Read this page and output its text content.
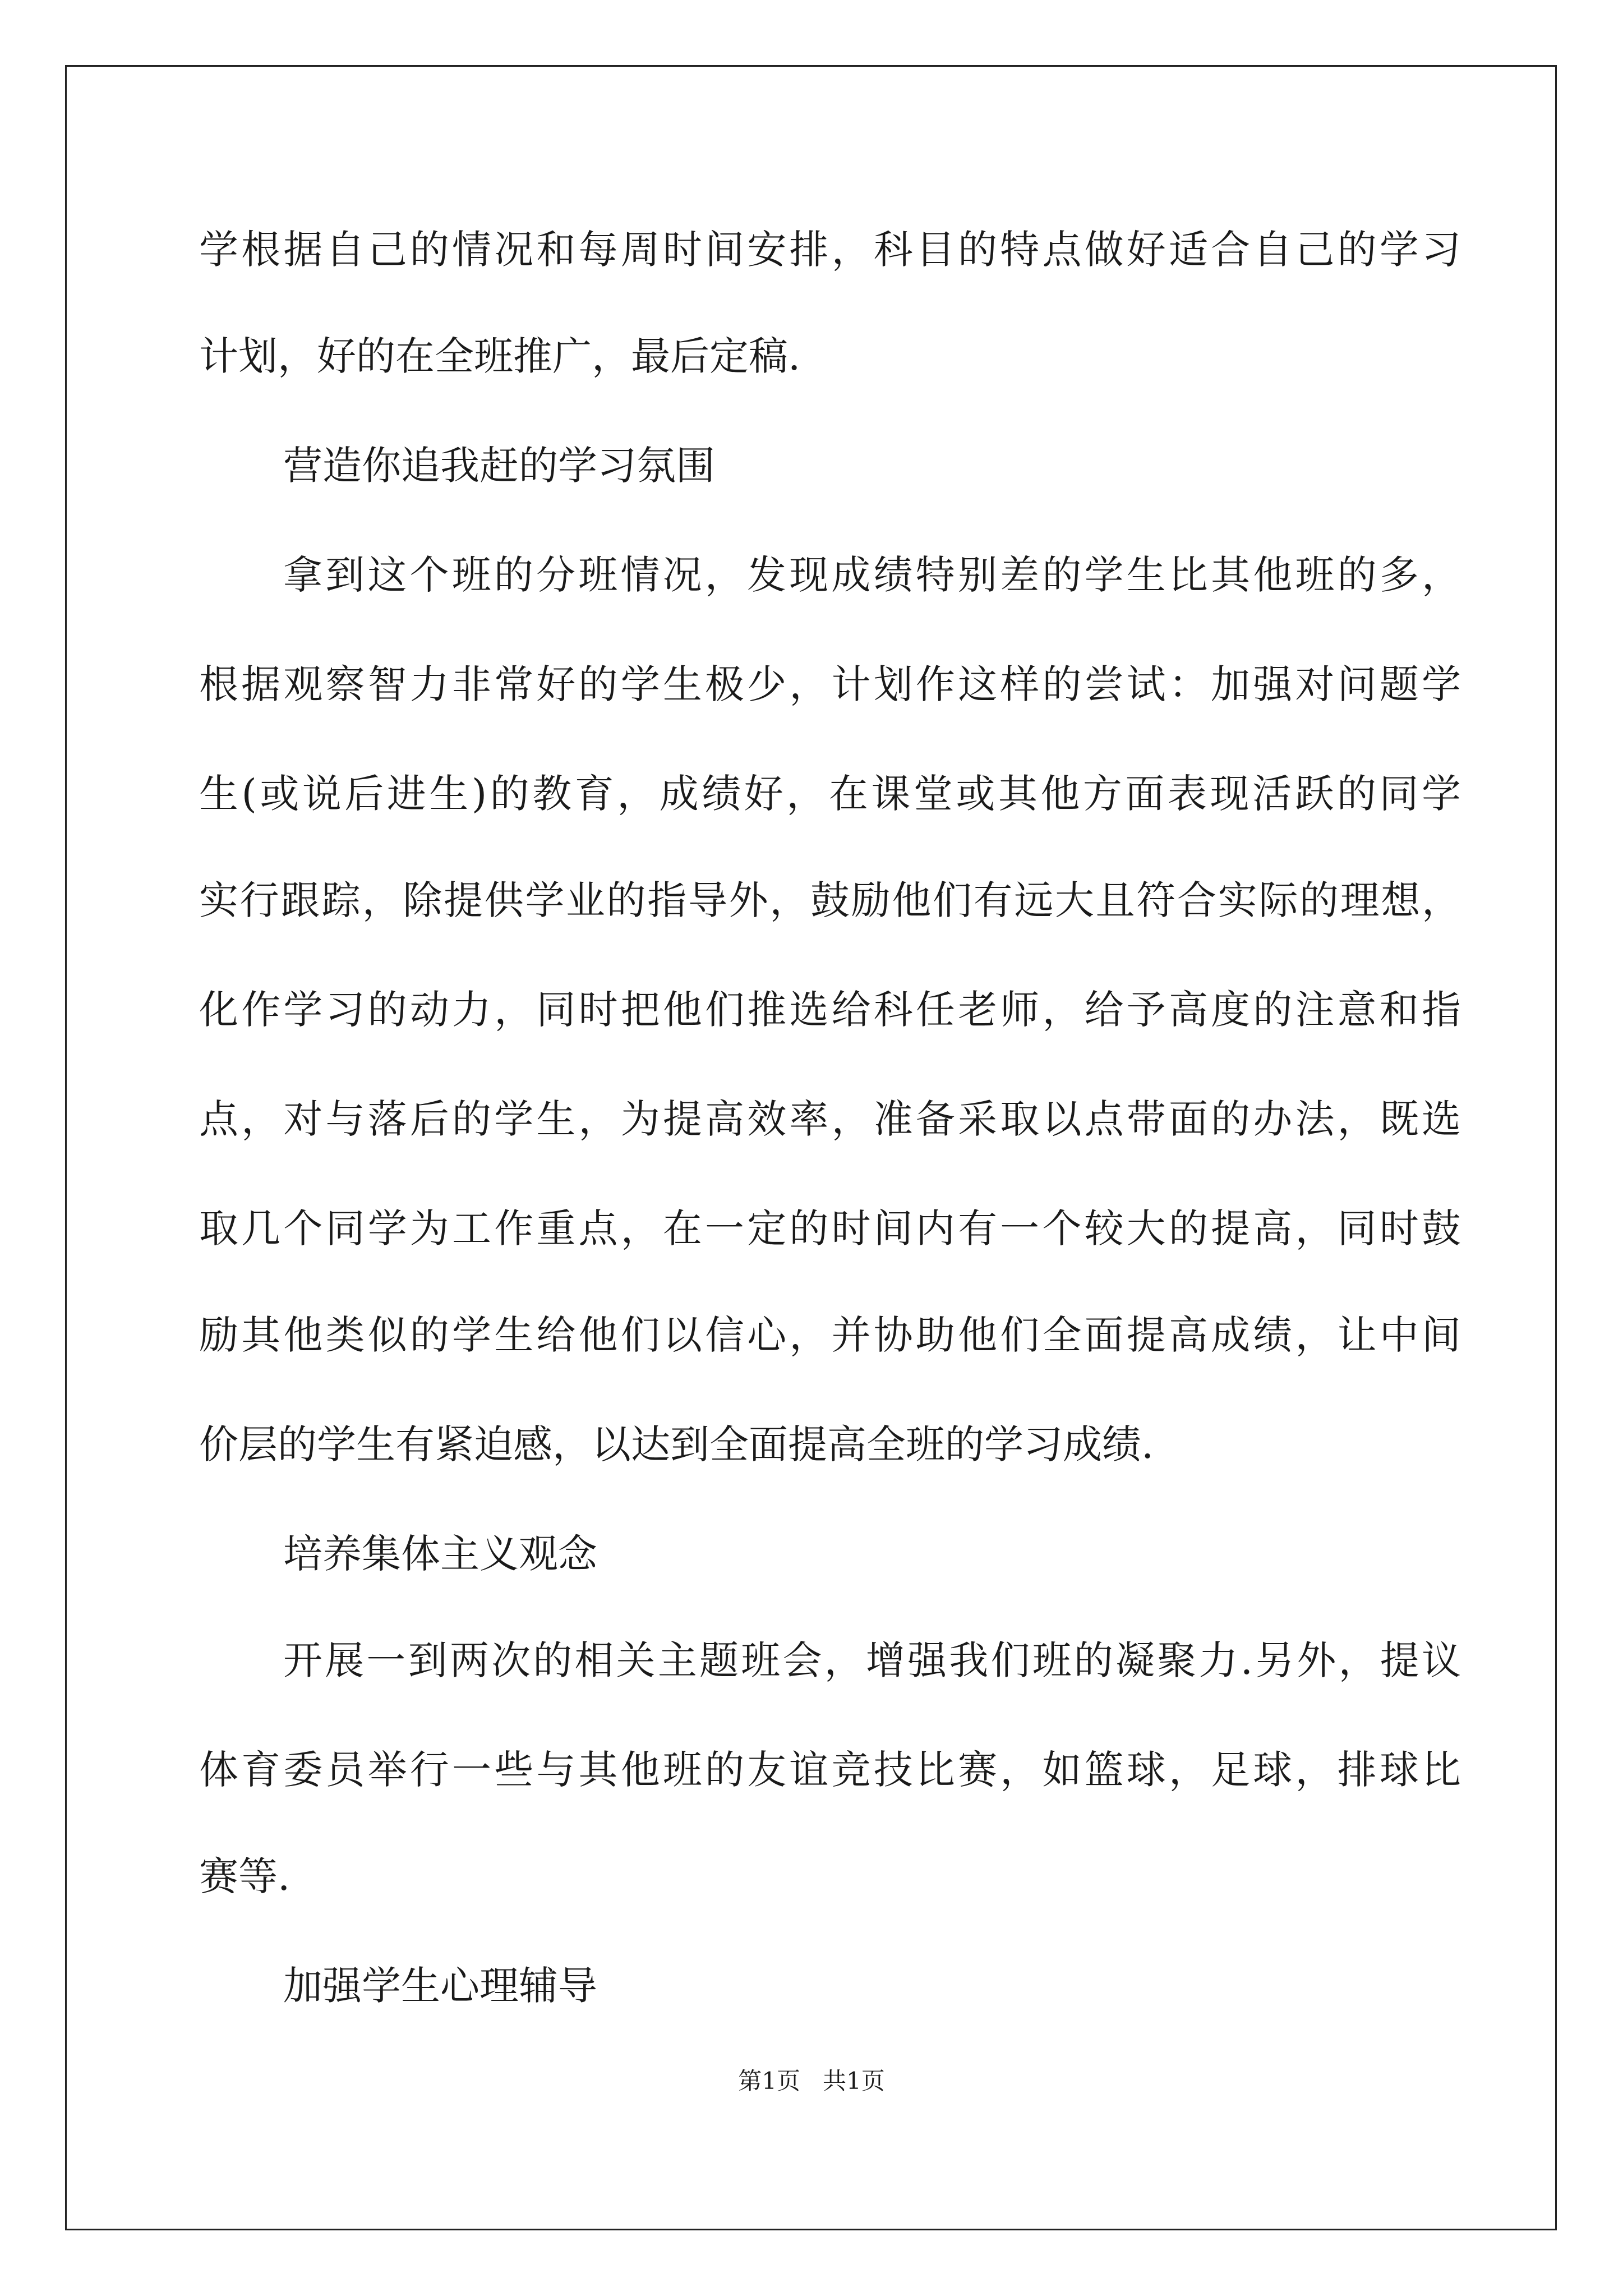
学根据自己的情况和每周时间安排，科目的特点做好适合自己的学习

计划，好的在全班推广，最后定稿.

营造你追我赶的学习氛围

拿到这个班的分班情况，发现成绩特别差的学生比其他班的多，

根据观察智力非常好的学生极少，计划作这样的尝试：加强对问题学

生(或说后进生)的教育，成绩好，在课堂或其他方面表现活跃的同学

实行跟踪，除提供学业的指导外，鼓励他们有远大且符合实际的理想，

化作学习的动力，同时把他们推选给科任老师，给予高度的注意和指

点，对与落后的学生，为提高效率，准备采取以点带面的办法，既选

取几个同学为工作重点，在一定的时间内有一个较大的提高，同时鼓

励其他类似的学生给他们以信心，并协助他们全面提高成绩，让中间

价层的学生有紧迫感，以达到全面提高全班的学习成绩.

培养集体主义观念

开展一到两次的相关主题班会，增强我们班的凝聚力.另外，提议

体育委员举行一些与其他班的友谊竞技比赛，如篮球，足球，排球比

赛等.

加强学生心理辅导

第1页   共1页
